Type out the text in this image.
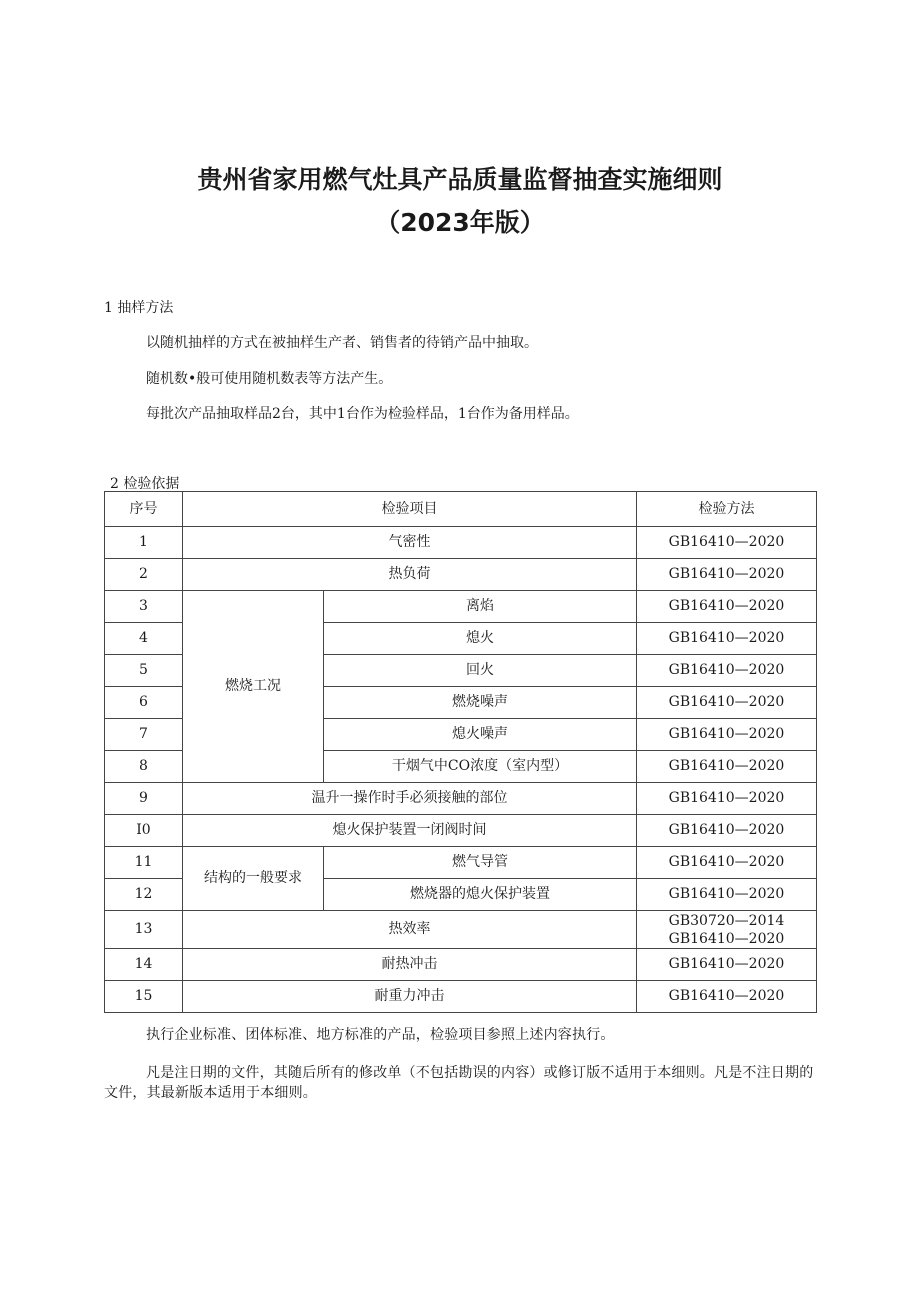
贵州省家用燃气灶具产品质量监督抽查实施细则
（2023年版）
1 抽样方法
以随机抽样的方式在被抽样生产者、销售者的待销产品中抽取。
随机数•般可使用随机数表等方法产生。
每批次产品抽取样品2台，其中1台作为检验样品，1台作为备用样品。
2 检验依据
序号	检验项目		检验方法
1	气密性		GB16410—2020
2	热负荷		GB16410—2020
3	燃烧工况	离焰	GB16410—2020
4		熄火	GB16410—2020
5		回火	GB16410—2020
6		燃烧噪声	GB16410—2020
7		熄火噪声	GB16410—2020
8		干烟气中CO浓度（室内型）	GB16410—2020
9	温升一操作时手必须接触的部位		GB16410—2020
I0	熄火保护装置一闭阀时间		GB16410—2020
11	结构的一般要求	燃气导管	GB16410—2020
12		燃烧器的熄火保护装置	GB16410—2020
13	热效率		GB30720—2014
GB16410—2020

14	耐热冲击		GB16410—2020
15	耐重力冲击		GB16410—2020
执行企业标准、团体标准、地方标准的产品，检验项目参照上述内容执行。
凡是注日期的文件，其随后所有的修改单（不包括勘误的内容）或修订版不适用于本细则。凡是不注日期的文件，其最新版本适用于本细则。
